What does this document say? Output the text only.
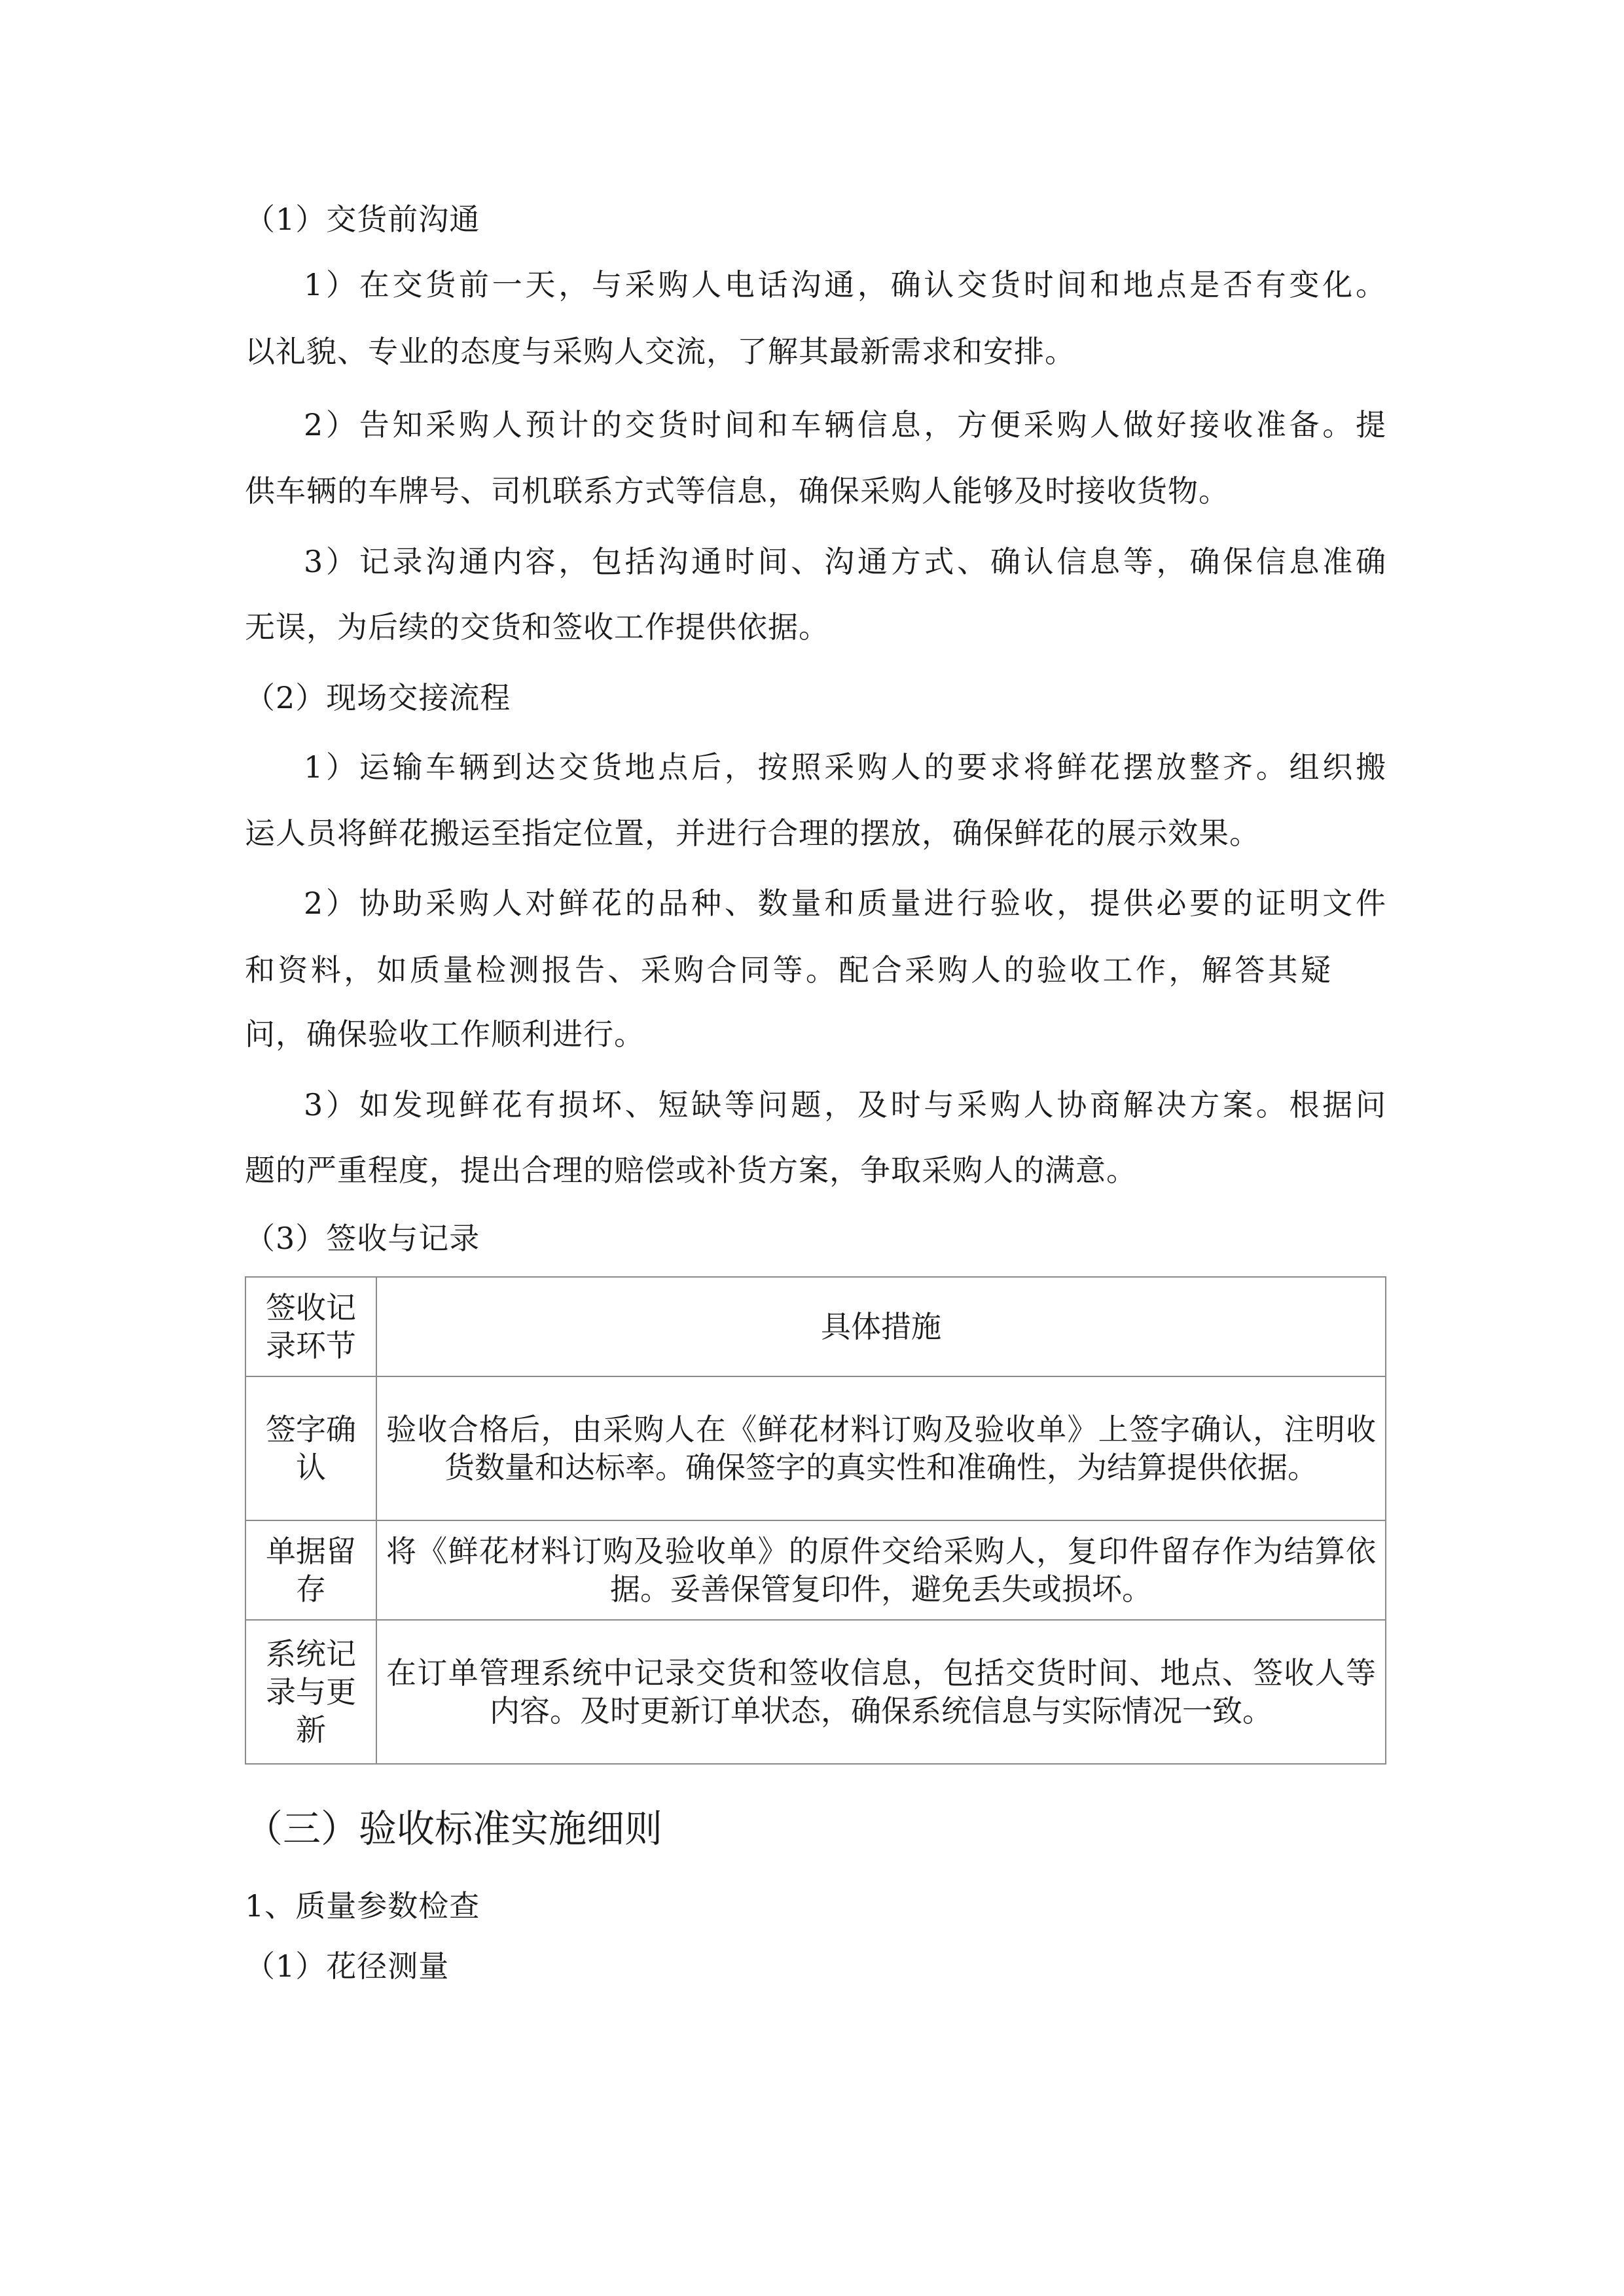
（1）交货前沟通
1）在交货前一天，与采购人电话沟通，确认交货时间和地点是否有变化。
以礼貌、专业的态度与采购人交流，了解其最新需求和安排。
2）告知采购人预计的交货时间和车辆信息，方便采购人做好接收准备。提
供车辆的车牌号、司机联系方式等信息，确保采购人能够及时接收货物。
3）记录沟通内容，包括沟通时间、沟通方式、确认信息等，确保信息准确
无误，为后续的交货和签收工作提供依据。
（2）现场交接流程
1）运输车辆到达交货地点后，按照采购人的要求将鲜花摆放整齐。组织搬
运人员将鲜花搬运至指定位置，并进行合理的摆放，确保鲜花的展示效果。
2）协助采购人对鲜花的品种、数量和质量进行验收，提供必要的证明文件
和资料，如质量检测报告、采购合同等。配合采购人的验收工作，解答其疑
问，确保验收工作顺利进行。
3）如发现鲜花有损坏、短缺等问题，及时与采购人协商解决方案。根据问
题的严重程度，提出合理的赔偿或补货方案，争取采购人的满意。
（3）签收与记录
签收记录环节	具体措施
签字确认	验收合格后，由采购人在《鲜花材料订购及验收单》上签字确认，注明收货数量和达标率。确保签字的真实性和准确性，为结算提供依据。
单据留存	将《鲜花材料订购及验收单》的原件交给采购人，复印件留存作为结算依据。妥善保管复印件，避免丢失或损坏。
系统记录与更新	在订单管理系统中记录交货和签收信息，包括交货时间、地点、签收人等内容。及时更新订单状态，确保系统信息与实际情况一致。
（三）验收标准实施细则
1、质量参数检查
（1）花径测量
